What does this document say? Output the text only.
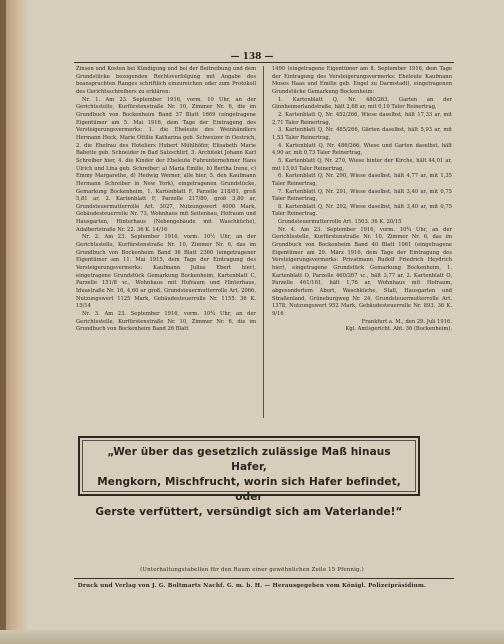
— 138 —

Zinsen und Kosten bei Kündigung und bei der Beitreibung und dem Grundstücke bezogenden Rechtsverfolgung mit Angabe des beanspruchten Ranges schriftlich einzureichen oder zum Protokoll des Gerichtsschreibers zu erklären:

Nr. 1. Am 23. September 1916, vorm. 10 Uhr, an der Gerichtsstelle, Kurfürstenstraße Nr. 10, Zimmer Nr. 6, die im Grundbuch von Bockenheim Band 37 Blatt 1669 (eingetragene Eigentümer am 5. Mai 1916, dem Tage der Eintragung des Versteigerungsvermerks: 1. die Eheleute des Weinhändlers Hermann Heck, Marie Ottilie Katharina geb. Schweizer in Oestrich, 2. die Ehefrau des Hoteliers Hubert Mühlhöfer, Elisabeth Marie Babette geb. Schneider in Bad Salzschlirf, 3. Architekt Johann Karl Schreiber hier, 4. die Kinder der Eheleute Fuhrunternehmer Hans Ulrich und Lina geb. Schreiber: a) Maria Emilie, b) Bertha Irene, c) Emmy Margarethe, d) Hedwig Werner, alle hier, 5. den Kaufmann Hermann Schreiber in New York), eingetragenen Grundstücke, Gemarkung Bockenheim, 1. Kartenblatt F, Parzelle 218/81, groß 5,81 ar, 2. Kartenblatt F, Parzelle 217/80, groß 3,80 ar, Grundsteuermutterrolle Art. 3027, Nutzungswert 4000 Mark, Gebäudesteuerrolle Nr. 73, Wohnhaus mit Seitenbau, Hofraum und Hausgarten, Hinterhaus (Nebengebäude mit Waschküche), Adalbertstraße Nr. 22. 36 K. 14/16

Nr. 2. Am 23. September 1916, vorm. 10½ Uhr, an der Gerichtsstelle, Kurfürstenstraße Nr. 10, Zimmer Nr. 6, das im Grundbuch von Bockenheim Band 36 Blatt 2360 (eingetragener Eigentümer am 11. Mai 1915, dem Tage der Eintragung des Versteigerungsvermerks: Kaufmann Julius Ebert hier), eingetragene Grundstück Gemarkung Bockenheim, Kartenblatt C, Parzelle 151/8 ꝛc., Wohnhaus mit Hofraum und Hinterhaus, Iduastraße Nr. 16, 4,60 ar groß, Grundsteuermutterrolle Art. 2066, Nutzungswert 1125 Mark, Gebäudesteuerrolle Nr. 1155. 36 K. 15/14

Nr. 3. Am 23. September 1916, vorm. 10¾ Uhr, an der Gerichtsstelle, Kurfürstenstraße Nr. 10, Zimmer Nr. 6, die im Grundbuch von Bockenheim Band 26 Blatt

1490 (eingetragene Eigentümer am 8. September 1916, dem Tage der Eintragung des Versteigerungsvermerks: Eheleute Kaufmann Moses Haas und Emilie geb. Engel zu Darmstadt), eingetragenen Grundstücke Gemarkung Bockenheim:

1. Kartenblatt Q, Nr. 480/263, Garten an der Ginnheimerlandstraße, hält 2,68 ar, mit 0,10 Taler Reinertrag,

2. Kartenblatt Q, Nr. 452/266, Wiese daselbst, hält 17,33 ar, mit 2,71 Taler Reinertrag,

3. Kartenblatt Q, Nr. 485/266, Gärten daselbst, hält 5,93 ar, mit 1,53 Taler Reinertrag,

4. Kartenblatt Q, Nr. 486/266, Wiese und Garten daselbst, hält 4,90 ar, mit 0,73 Taler Reinertrag,

5. Kartenblatt Q, Nr. 270, Wiese hinter der Kirche, hält 44,01 ar, mit 13,93 Taler Reinertrag,

6. Kartenblatt Q, Nr. 290, Wiese daselbst, hält 4,77 ar, mit 1,35 Taler Reinertrag,

7. Kartenblatt Q, Nr. 291, Wiese daselbst, hält 3,40 ar, mit 0,75 Taler Reinertrag,

8. Kartenblatt Q, Nr. 292, Wiese daselbst, hält 3,40 ar, mit 0,75 Taler Reinertrag.

Grundsteuermutterrolle Art. 1503. 36 K. 20/15

Nr. 4. Am 23. September 1916, vorm. 10¾ Uhr, an der Gerichtsstelle, Kurfürstenstraße Nr. 10, Zimmer Nr. 6, das im Grundbuch von Bockenheim Band 40 Blatt 1061 (eingetragene Eigentümer am 29. März 1916, dem Tage der Eintragung des Versteigerungsvermerks: Privatmann Rudolf Friedrich Heydrich hier), eingetragene Grundstück Gemarkung Bockenheim, 1. Kartenblatt O, Parzelle 460/267 ꝛc., hält 3,77 ar, 2. Kartenblatt O, Parzelle 461/161, hält 1,76 ar, Wohnhaus mit Hofraum, abgesondertem Abort, Waschküche, Stall, Hausgarten und Straßenland, Grüneburgweg Nr. 24, Grundsteuermutterrolle Art. 1378, Nutzungswert 952 Mark, Gebäudesteuerrolle Nr. 893. 36 K. 9/16

Frankfurt a. M., den 29. Juli 1916.

Kgl. Amtsgericht. Abt. 36 (Bockenheim).

„Wer über das gesetzlich zulässige Maß hinaus Hafer,
Mengkorn, Mischfrucht, worin sich Hafer befindet, oder
Gerste verfüttert, versündigt sich am Vaterlande!“
(Unterhaltungstabellen für den Raum einer gewöhnlichen Zeile 15 Pfennig.)
Druck und Verlag von J. G. Boltmarts Nachf. G. m. b. H. — Herausgegeben vom Königl. Polizeipräsidium.
